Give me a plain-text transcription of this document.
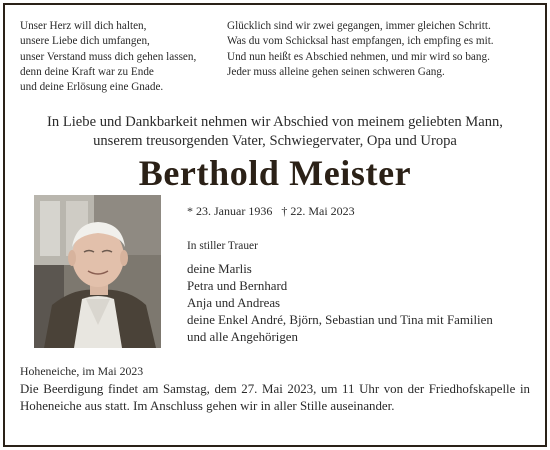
Unser Herz will dich halten,
unsere Liebe dich umfangen,
unser Verstand muss dich gehen lassen,
denn deine Kraft war zu Ende
und deine Erlösung eine Gnade.
Glücklich sind wir zwei gegangen, immer gleichen Schritt.
Was du vom Schicksal hast empfangen, ich empfing es mit.
Und nun heißt es Abschied nehmen, und mir wird so bang.
Jeder muss alleine gehen seinen schweren Gang.
In Liebe und Dankbarkeit nehmen wir Abschied von meinem geliebten Mann,
unserem treusorgenden Vater, Schwiegervater, Opa und Uropa
Berthold Meister
* 23. Januar 1936 † 22. Mai 2023
In stiller Trauer
deine Marlis
Petra und Bernhard
Anja und Andreas
deine Enkel André, Björn, Sebastian und Tina mit Familien
und alle Angehörigen
Hoheneiche, im Mai 2023
Die Beerdigung findet am Samstag, dem 27. Mai 2023, um 11 Uhr von der Friedhofskapelle in Hoheneiche aus statt. Im Anschluss gehen wir in aller Stille auseinander.
